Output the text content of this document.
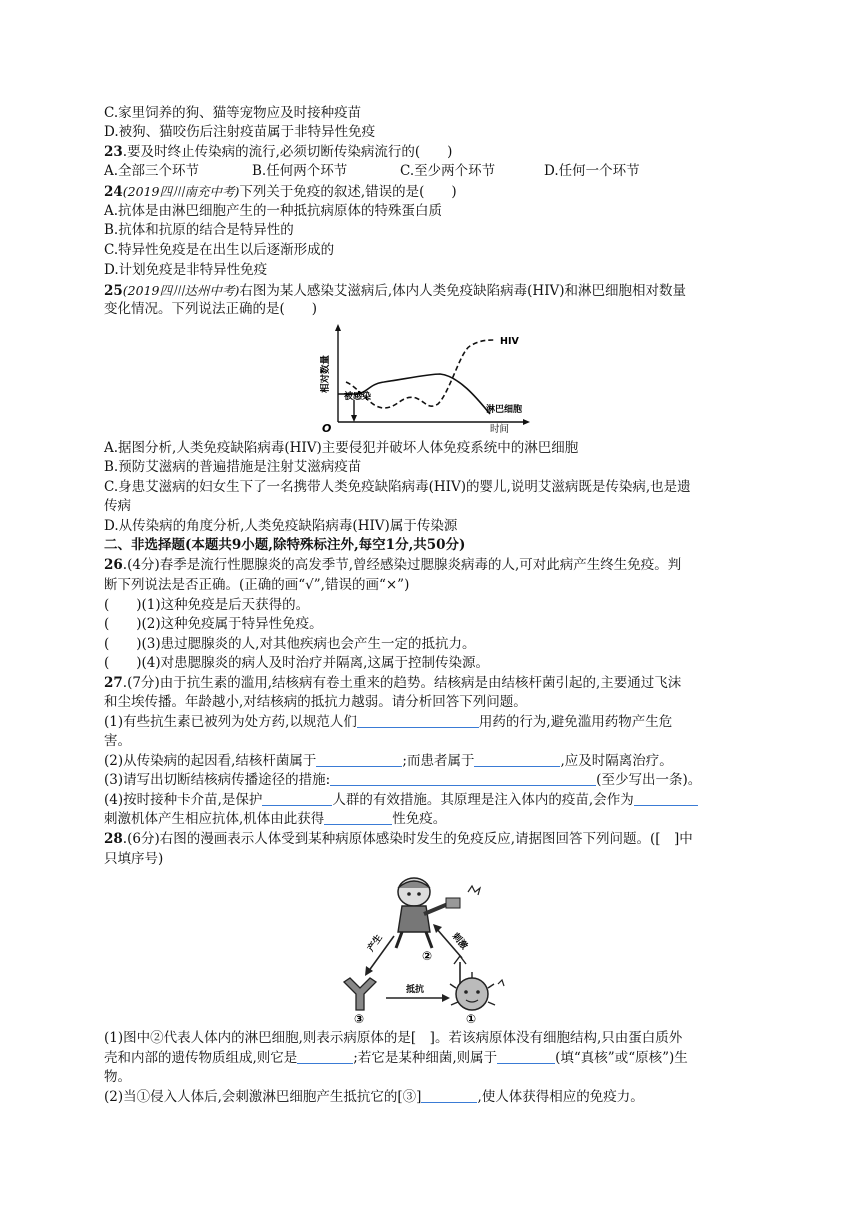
C.家里饲养的狗、猫等宠物应及时接种疫苗
D.被狗、猫咬伤后注射疫苗属于非特异性免疫
23.要及时终止传染病的流行,必须切断传染病流行的(　　)
A.全部三个环节	B.任何两个环节	C.至少两个环节	D.任何一个环节
24(2019四川南充中考)下列关于免疫的叙述,错误的是(　　)
A.抗体是由淋巴细胞产生的一种抵抗病原体的特殊蛋白质
B.抗体和抗原的结合是特异性的
C.特异性免疫是在出生以后逐渐形成的
D.计划免疫是非特异性免疫
25(2019四川达州中考)右图为某人感染艾滋病后,体内人类免疫缺陷病毒(HIV)和淋巴细胞相对数量
变化情况。下列说法正确的是(　　)
相对数量
时间
O
被感染
HIV
淋巴细胞
A.据图分析,人类免疫缺陷病毒(HIV)主要侵犯并破坏人体免疫系统中的淋巴细胞
B.预防艾滋病的普遍措施是注射艾滋病疫苗
C.身患艾滋病的妇女生下了一名携带人类免疫缺陷病毒(HIV)的婴儿,说明艾滋病既是传染病,也是遗
传病
D.从传染病的角度分析,人类免疫缺陷病毒(HIV)属于传染源
二、非选择题(本题共9小题,除特殊标注外,每空1分,共50分)
26.(4分)春季是流行性腮腺炎的高发季节,曾经感染过腮腺炎病毒的人,可对此病产生终生免疫。判
断下列说法是否正确。(正确的画“√”,错误的画“×”)
(　　)(1)这种免疫是后天获得的。
(　　)(2)这种免疫属于特异性免疫。
(　　)(3)患过腮腺炎的人,对其他疾病也会产生一定的抵抗力。
(　　)(4)对患腮腺炎的病人及时治疗并隔离,这属于控制传染源。
27.(7分)由于抗生素的滥用,结核病有卷土重来的趋势。结核病是由结核杆菌引起的,主要通过飞沫
和尘埃传播。年龄越小,对结核病的抵抗力越弱。请分析回答下列问题。
(1)有些抗生素已被列为处方药,以规范人们	用药的行为,避免滥用药物产生危
害。
(2)从传染病的起因看,结核杆菌属于	;而患者属于	,应及时隔离治疗。
(3)请写出切断结核病传播途径的措施:	(至少写出一条)。
(4)按时接种卡介苗,是保护	人群的有效措施。其原理是注入体内的疫苗,会作为
刺激机体产生相应抗体,机体由此获得	性免疫。
28.(6分)右图的漫画表示人体受到某种病原体感染时发生的免疫反应,请据图回答下列问题。([　]中
只填序号)
产生	刺激
抵抗
②
③	①
(1)图中②代表人体内的淋巴细胞,则表示病原体的是[　]。若该病原体没有细胞结构,只由蛋白质外
壳和内部的遗传物质组成,则它是	;若它是某种细菌,则属于	(填“真核”或“原核”)生
物。
(2)当①侵入人体后,会刺激淋巴细胞产生抵抗它的[③]	,使人体获得相应的免疫力。
